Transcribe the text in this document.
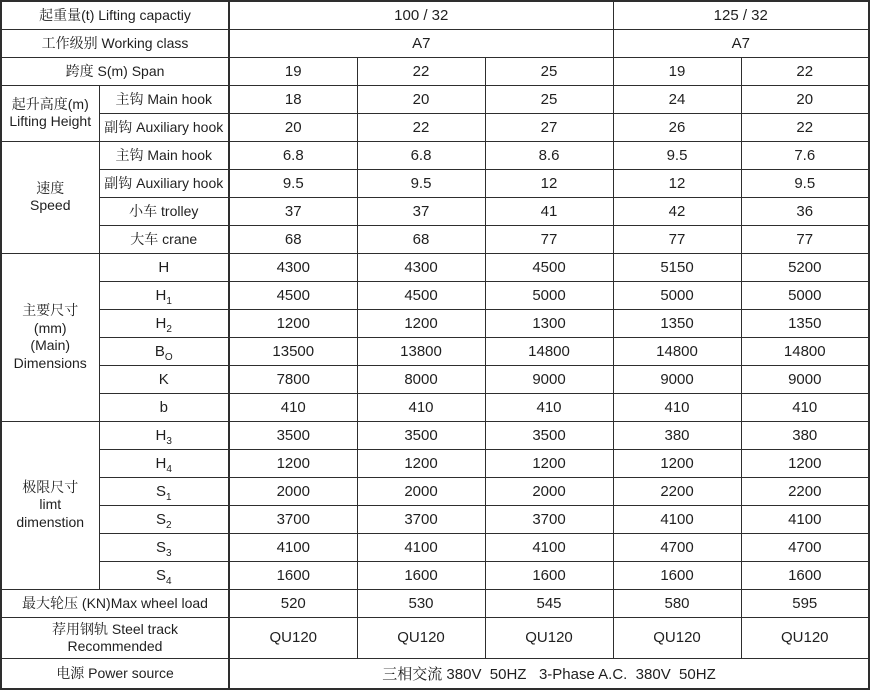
起重量(t) Lifting capactiy		100 / 32			125 / 32	
工作级别 Working class		A7			A7	
跨度 S(m) Span		19	22	25	19	22

起升高度(m)
Lifting Height	主钩 Main hook	18	20	25	24	20
	副钩 Auxiliary hook	20	22	27	26	22

速度
Speed	主钩 Main hook	6.8	6.8	8.6	9.5	7.6
	副钩 Auxiliary hook	9.5	9.5	12	12	9.5
	小车 trolley	37	37	41	42	36
	大车 crane	68	68	77	77	77

主要尺寸
(mm)
(Main)
Dimensions	H	4300	4300	4500	5150	5200
	$H_1$	4500	4500	5000	5000	5000
	$H_2$	1200	1200	1300	1350	1350
	$B_O$	13500	13800	14800	14800	14800
	K	7800	8000	9000	9000	9000
	b	410	410	410	410	410

极限尺寸
limt
dimenstion	$H_3$	3500	3500	3500	380	380
	$H_4$	1200	1200	1200	1200	1200
	$S_1$	2000	2000	2000	2200	2200
	$S_2$	3700	3700	3700	4100	4100
	$S_3$	4100	4100	4100	4700	4700
	$S_4$	1600	1600	1600	1600	1600
最大轮压 (KN)Max wheel load		520	530	545	580	595

荐用钢轨 Steel track
Recommended		QU120	QU120	QU120	QU120	QU120
电源 Power source		三相交流 380V  50HZ   3-Phase A.C.  380V  50HZ				
